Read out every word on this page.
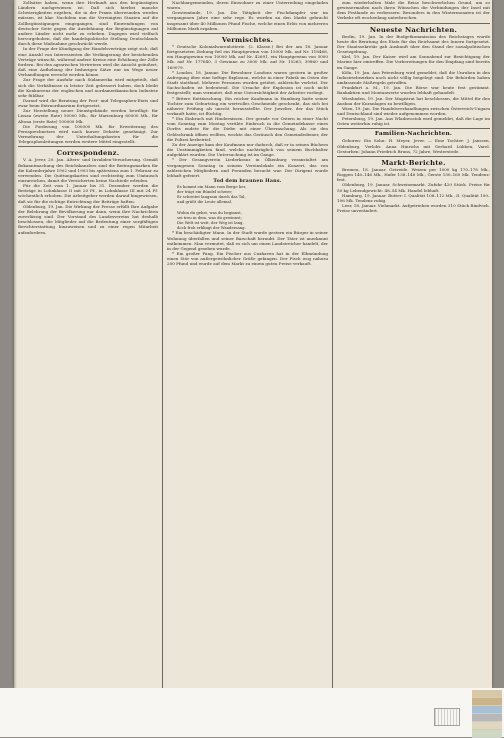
Zollsätze haben, wenn ihre Herkunft aus den begünstigten Ländern nachgewiesen ist. Daß sich hierbei manche Schwierigkeiten ergeben, die in der Praxis überwunden werden müssen, ist klar. Nachdem nun die Vereinigten Staaten auf die Zollbegünstigungen eingegangen, sind Einwendungen von deutscher Seite gegen die Ausdehnung der Begünstigungen auf andere Länder nicht mehr zu erheben. Dagegen wird vielfach hervorgehoben, daß die handelspolitische Stellung Deutschlands durch diese Maßnahme geschwächt werde.

In der Frage der Kündigung der Handelsverträge zeigt sich, daß eine Anzahl von Interessenten die Verlängerung der bestehenden Verträge wünscht, während andere Kreise eine Erhöhung der Zölle fordern. Bei den agrarischen Vertretern wird die Ansicht geäußert, daß eine Aufhebung der bisherigen Sätze nur im Wege neuer Verhandlungen erreicht werden könne.

Zur Frage der Ausfuhr nach Südamerika wird mitgeteilt, daß sich die Verhältnisse in letzter Zeit gebessert haben, doch bleibt die Konkurrenz der englischen und nordamerikanischen Industrie sehr fühlbar.

Darauf wird die Beratung der Post- und Telegraphen-Etats und zwar beim Extraordinarium fortgesetzt.

Zur Herstellung neuer Dienstgebäude werden bewilligt: für Lissau (zweite Rate) 50000 Mk., für Marienburg 60000 Mk., für Altona (erste Rate) 100000 Mk.

Die Forderung von 100000 Mk. für Erweiterung des Fernsprechnetzes wird nach kurzer Debatte genehmigt. Zur Vermehrung der Unterhaltungskosten für die Telegraphenleitungen werden weitere Mittel eingestellt.

Correspondenz.

V. A. Jever, 20. Jan. Alters- und Invaliden-Versicherung. Gemäß Bekanntmachung des Reichskanzlers sind die Beitragsmarken für die Kalenderjahre 1902 und 1903 bis spätestens zum 1. Februar zu verwenden. Die Quittungskarten sind rechtzeitig zum Umtausch einzureichen, damit die Versicherten keine Nachteile erleiden.

Für die Zeit vom 1. Januar bis 31. Dezember werden die Beiträge in Lohnklasse II mit 20 Pf., in Lohnklasse III mit 24 Pf. wöchentlich erhoben. Die Arbeitgeber werden darauf hingewiesen, daß sie für die richtige Entrichtung der Beiträge haften.

Oldenburg, 19. Jan. Die Wirkung der Presse erfüllt Ihre Aufgabe der Belehrung der Bevölkerung nur dann, wenn ihre Nachrichten zuverlässig sind. Der Vorstand des Landesvereins hat deshalb beschlossen, die Mitglieder auf die Bedeutung einer sorgfältigen Berichterstattung hinzuweisen und zu einer regen Mitarbeit aufzufordern.

Nachbargemeinden, deren Einwohner zu einer Unterredung eingeladen waren.

Geestemünde, 19. Jan. Die Tätigkeit der Fischdampfer war im vergangenen Jahre eine sehr rege. Es wurden an den Markt gebracht insgesamt über 40 Millionen Pfund Fische, welche einen Erlös von mehreren Millionen Mark ergaben.

Vermischtes.

* Deutsche Kolonialwarenlotterie. (2. Klasse.) Bei der am 18. Januar fortgesetzten Ziehung fiel ein Hauptgewinn von 15000 Mk. auf Nr. 118468, ein Hauptgewinn von 10000 Mk. auf Nr. 42691, ein Hauptgewinn von 5000 Mk. auf Nr. 177640, 3 Gewinne zu 3000 Mk. auf Nr. 15263, 39860 und 169079.

* London, 18. Januar. Die Bewohner Londons waren gestern in großer Aufregung über eine heftige Explosion, welche in einer Fabrik im Osten der Stadt stattfand. Mehrere Personen wurden getötet, zahlreiche verletzt. Der Sachschaden ist bedeutend. Die Ursache der Explosion ist noch nicht festgestellt; man vermutet, daß eine Unvorsichtigkeit der Arbeiter vorliegt.

* Bittere Enttäuschung. Ein reicher Kaufmann in Hamburg hatte seiner Tochter zum Geburtstag ein wertvolles Geschmeide geschenkt, das sich bei näherer Prüfung als unecht herausstellte. Der Juwelier, der das Stück verkauft hatte, ist flüchtig.

* Ein Einbruch mit Hindernissen. Der gerade vor Ostern in einer Nacht vom Sonntag zum Montag verübte Einbruch in die Gemeindekasse eines Dorfes endete für die Diebe mit einer Überraschung. Als sie den Geldschrank öffnen wollten, weckte das Geräusch den Gemeindediener, der die Polizei herbeirief.

Zu der Anzeige kam der Kaufmann nur dadurch, daß er in seinen Büchern die Unstimmigkeiten fand, welche nachträglich von seinem Buchhalter aufgeklärt wurden. Die Untersuchung ist im Gange.

* Der Gesangverein Liederkranz in Ölkenburg veranstaltet am vergangenen Sonntag in seinem Vereinslokale ein Konzert, das von zahlreichen Mitgliedern und Freunden besucht war. Der Dirigent wurde lebhaft gefeiert.

Tod dem braunen Hans.

Es kommt ein Mann vom Berge her,
der trägt ein Bündel schwer;
Er schreitet langsam durch das Tal,
und grüßt die Leute allemal.

Wohin du gehst, was du beginnst,
sei treu in dem, was du gewinnst;
Die Welt ist weit, der Weg ist lang,
doch froh erklingt der Wandersang.

* Ein beschädigter Mann. In der Stadt wurde gestern ein Bürger in seiner Wohnung überfallen und seiner Barschaft beraubt. Der Täter ist unerkannt entkommen. Man vermutet, daß es sich um einen Landstreicher handelt, der in der Gegend gesehen wurde.

* Ein großer Fang. Ein Fischer aus Cuxhaven hat in der Elbmündung einen Stör von außergewöhnlicher Größe gefangen. Der Fisch wog nahezu 200 Pfund und wurde auf dem Markt zu einem guten Preise verkauft.

zum wiederholten Male die Reise beschwerlichen Grund, um so gewissermaßen nach ihren Wünschen die Verbindungen der Insel mit dem Festlande zu verbessern. Besonders in den Wintermonaten ist der Verkehr oft wochenlang unterbrochen.

Neueste Nachrichten.

Berlin, 19. Jan. In der Budgetkommission des Reichstages wurde heute die Beratung des Etats für das Reichsamt des Innern fortgesetzt. Der Staatssekretär gab Auskunft über den Stand der sozialpolitischen Gesetzgebung.

Kiel, 19. Jan. Der Kaiser wird am Sonnabend zur Besichtigung der Marine hier eintreffen. Die Vorbereitungen für den Empfang sind bereits im Gange.

Köln, 19. Jan. Aus Petersburg wird gemeldet, daß die Unruhen in den Industriebezirken noch nicht völlig beigelegt sind. Die Behörden haben umfassende Maßregeln getroffen.

Frankfurt a. M., 19. Jan. Die Börse war heute fest gestimmt. Bankaktien und Montanwerte wurden lebhaft gehandelt.

Wiesbaden, 19. Jan. Der Magistrat hat beschlossen, die Mittel für den Ausbau der Kuranlagen zu bewilligen.

Wien, 19. Jan. Die Handelsverhandlungen zwischen Österreich-Ungarn und Deutschland sind wieder aufgenommen worden.

Petersburg, 19. Jan. Aus Wladiwostok wird gemeldet, daß die Lage im Osten weiterhin ruhig ist.

Familien-Nachrichten.

Geboren: Ein Sohn: H. Meyer, Jever. — Eine Tochter: J. Janssen, Oldenburg. Verlobt: Anna Hinrichs mit Gerhard Lübben, Varel. Gestorben: Johann Friedrich Bruns, 72 Jahre, Westerstede.

Markt-Berichte.

Bremen, 18. Januar. Getreide. Weizen per 1000 kg 170–178 Mk., Roggen 140–146 Mk., Hafer 138–148 Mk., Gerste 150–160 Mk. Tendenz: fest.

Oldenburg, 19. Januar. Schweinemarkt. Zufuhr 420 Stück. Preise für 50 kg Lebendgewicht: 48–54 Mk. Handel lebhaft.

Hamburg, 19. Januar. Butter: I. Qualität 108–112 Mk., II. Qualität 100–106 Mk. Tendenz ruhig.

Leer, 18. Januar. Viehmarkt. Aufgetrieben wurden 310 Stück Rindvieh. Preise unverändert.
